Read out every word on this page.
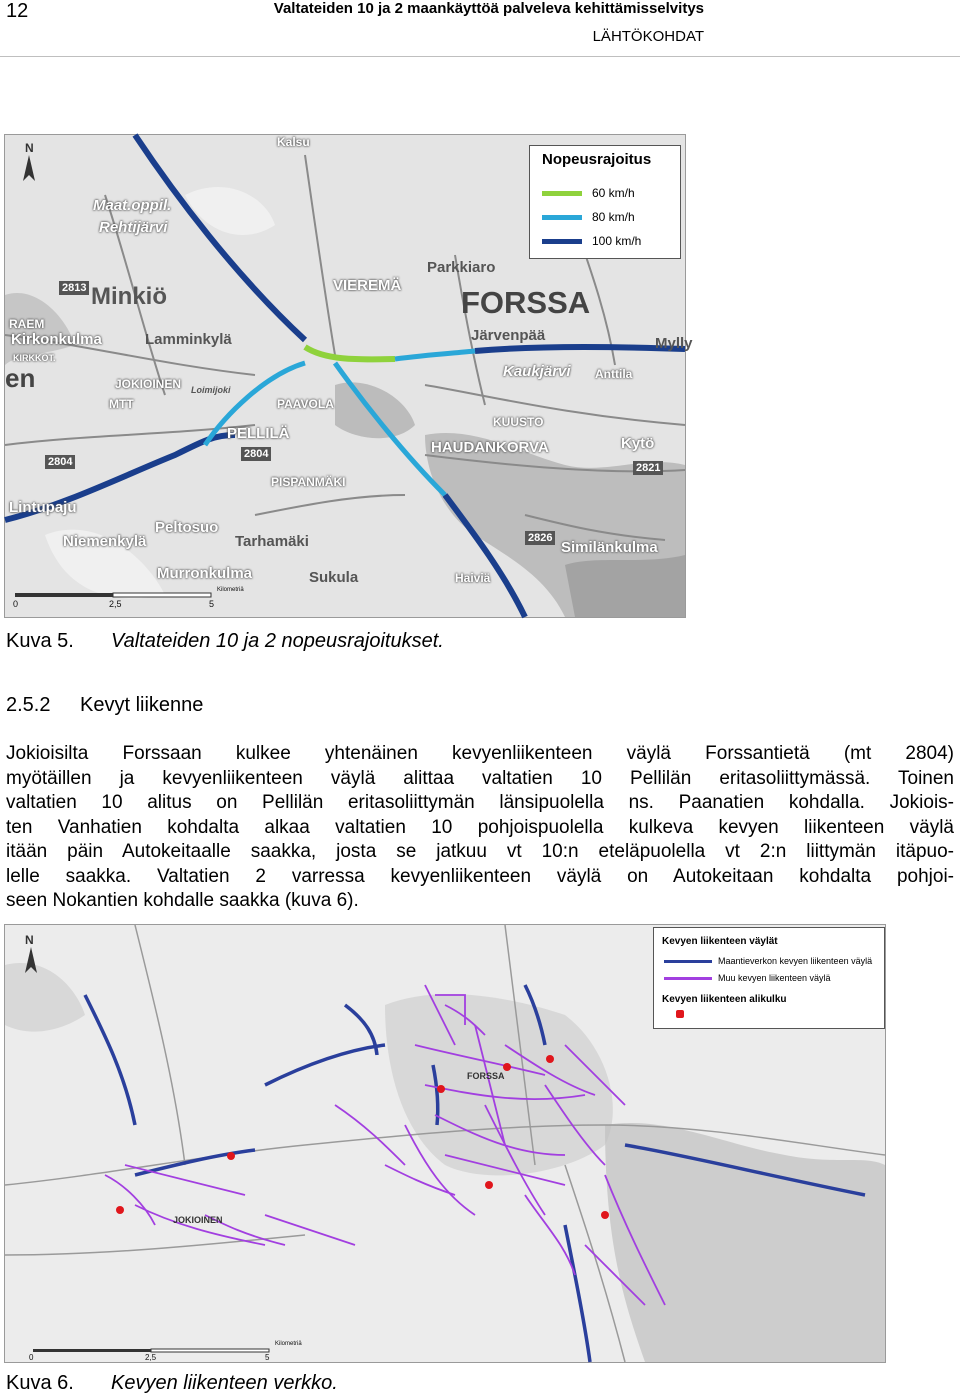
12	Valtateiden 10 ja 2 maankäyttöä palveleva kehittämisselvitys
LÄHTÖKOHDAT
Nopeusrajoitus
60 km/h
80 km/h
100 km/h
N
Maat.oppil.
Rehtijärvi
Minkiö
Lamminkylä
Kirkonkulma
KIRKKOT.
JOKIOINEN
MTT	PAAVOLA
PELLILÄ
PISPANMÄKI
Lintupaju
Peltosuo
Niemenkylä	Tarhamäki
Murronkulma	Sukula	Haiviä
VIEREMÄ FORSSA
Parkkiaro
Järvenpää
Kaukjärvi Anttila
HAUDANKORVA
KUUSTO
Kytö
Similänkulma
Kalsu
Mylly
Loimijoki
RAEM
en
2813
2804
2804
2821
2826
0	2,5	5
Kilometriä
Kuva 5. Valtateiden 10 ja 2 nopeusrajoitukset.
2.5.2 Kevyt liikenne
Jokioisilta Forssaan kulkee yhtenäinen kevyenliikenteen väylä Forssantietä (mt 2804)
myötäillen ja kevyenliikenteen väylä alittaa valtatien 10 Pellilän eritasoliittymässä. Toinen
valtatien 10 alitus on Pellilän eritasoliittymän länsipuolella ns. Paanatien kohdalla. Jokiois-
ten Vanhatien kohdalta alkaa valtatien 10 pohjoispuolella kulkeva kevyen liikenteen väylä
itään päin Autokeitaalle saakka, josta se jatkuu vt 10:n eteläpuolella vt 2:n liittymän itäpuo-
lelle saakka. Valtatien 2 varressa kevyenliikenteen väylä on Autokeitaan kohdalta pohjoi-
seen Nokantien kohdalle saakka (kuva 6).
Kevyen liikenteen väylät
Maantieverkon kevyen liikenteen väylä
Muu kevyen liikenteen väylä
Kevyen liikenteen alikulku
N
FORSSA
JOKIOINEN
0	2,5	5
Kilometriä
Kuva 6. Kevyen liikenteen verkko.
